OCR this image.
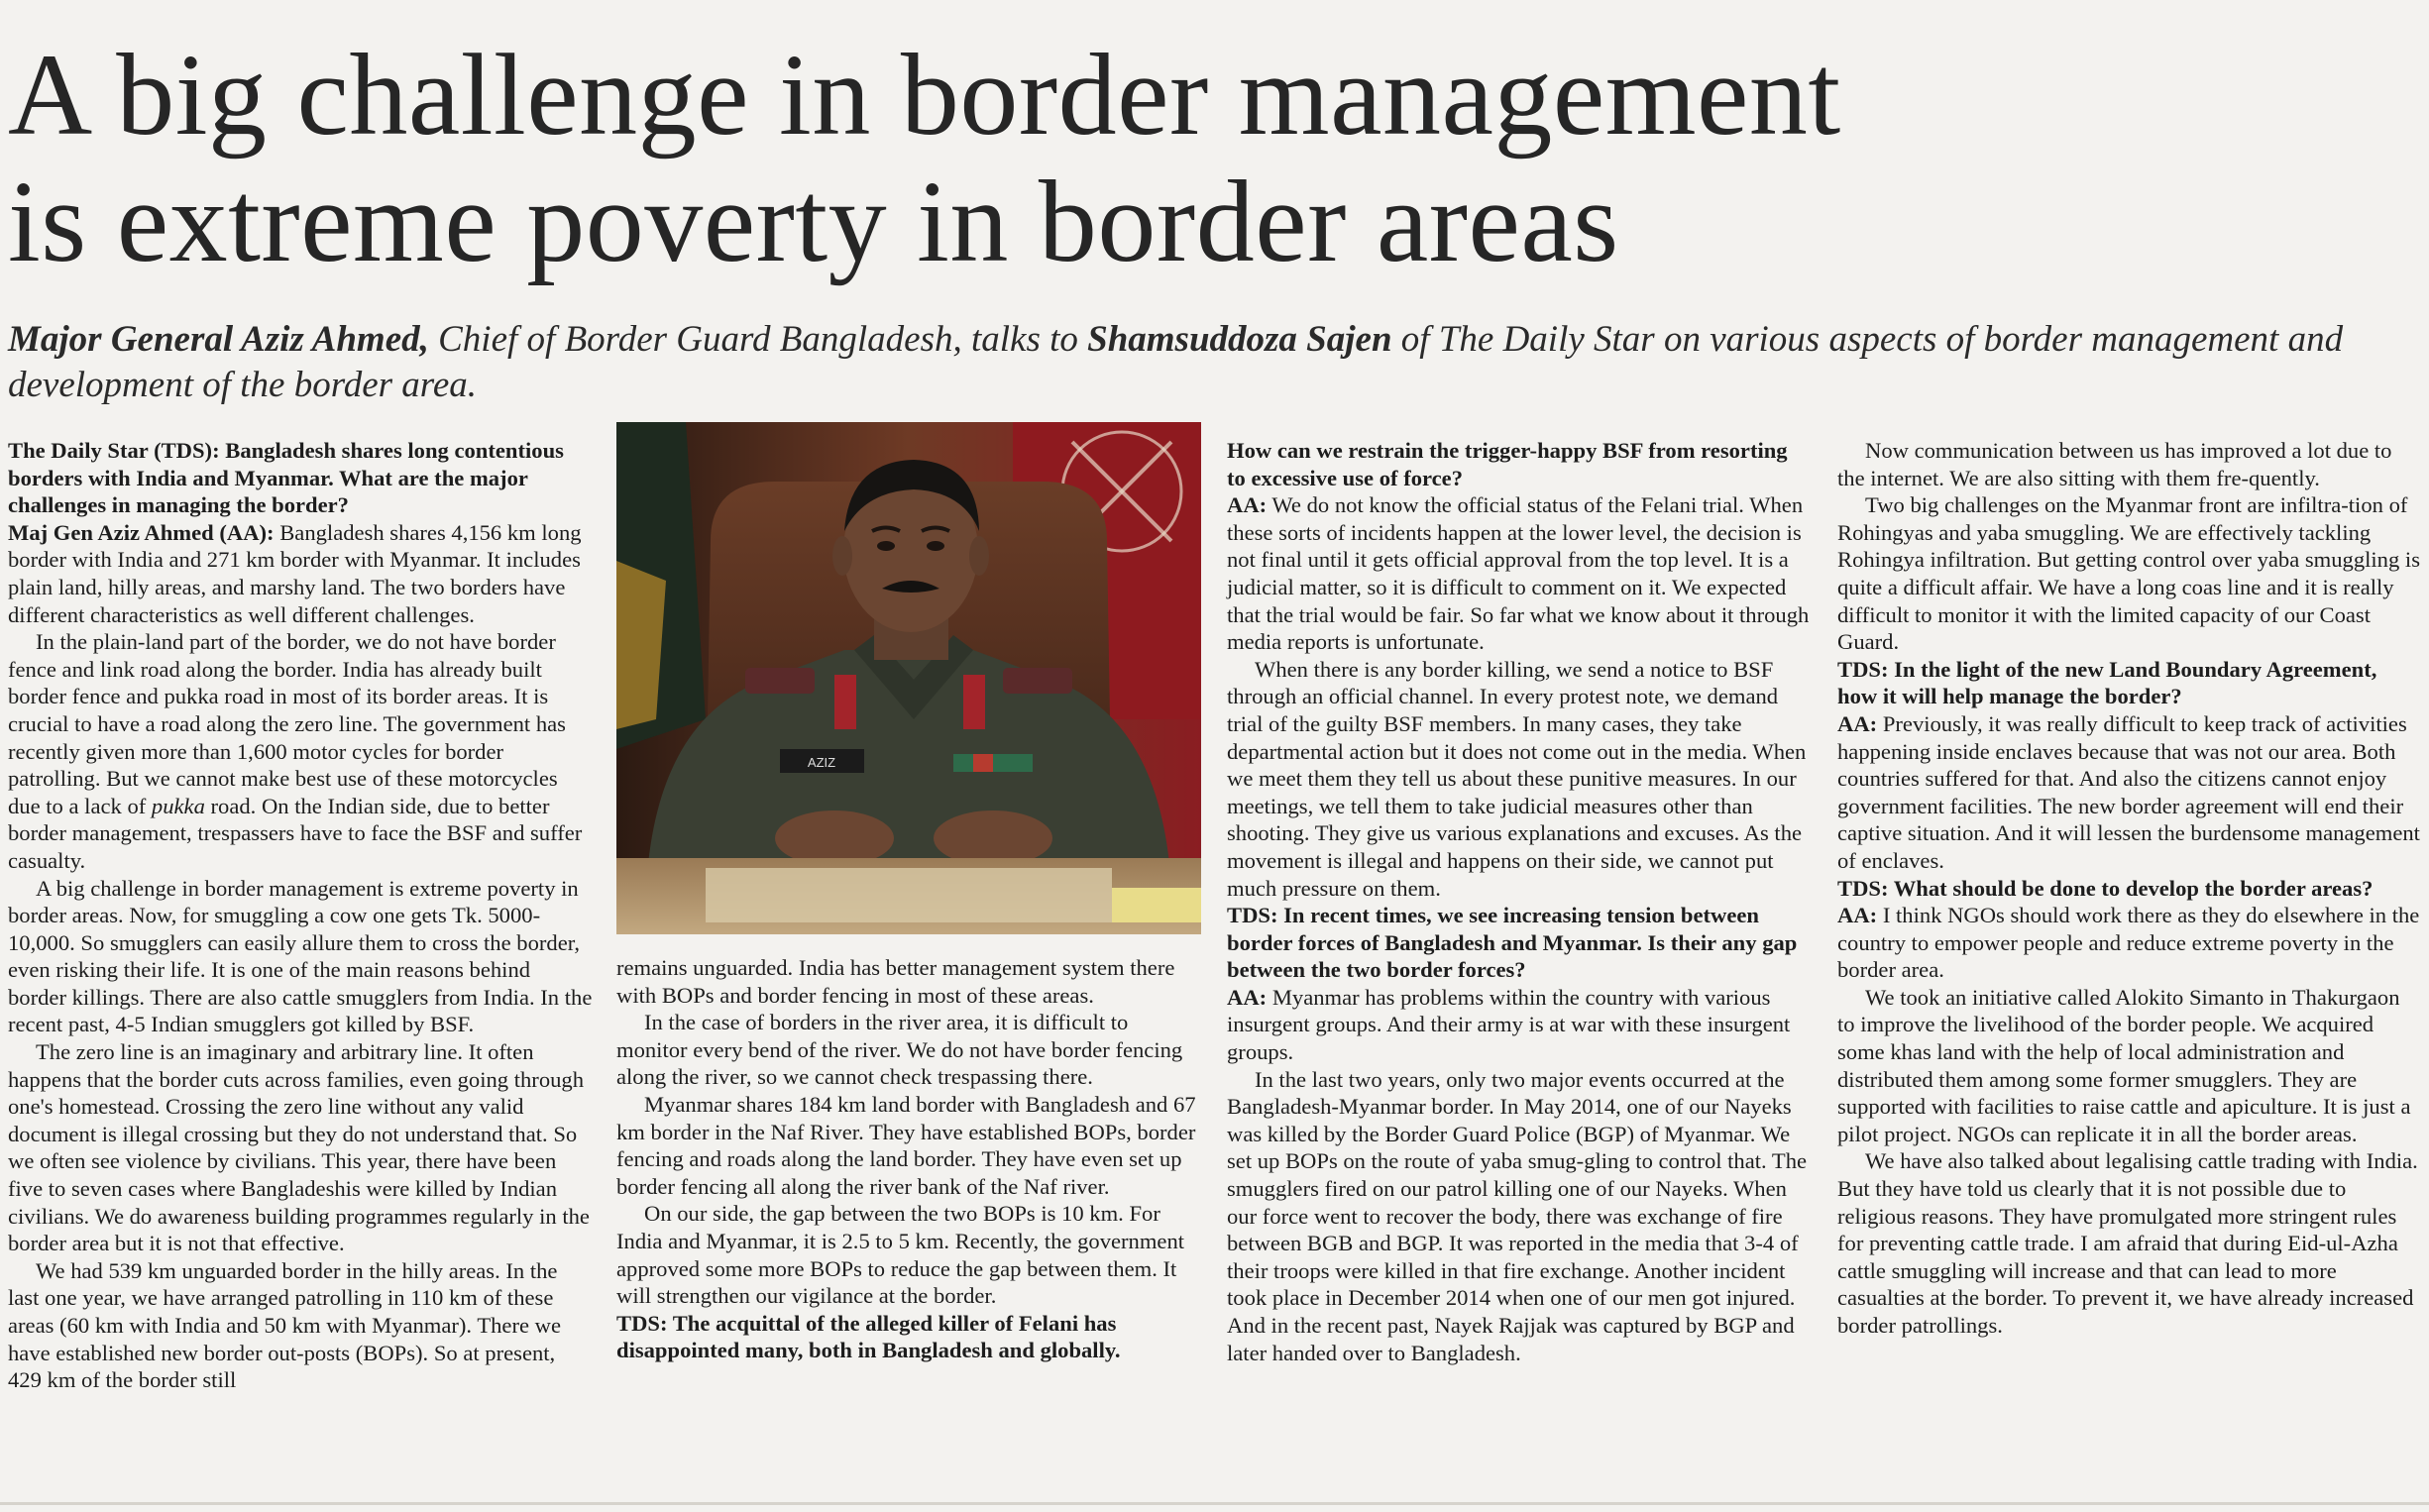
A big challenge in border management
is extreme poverty in border areas

Major General Aziz Ahmed, Chief of Border Guard Bangladesh, talks to Shamsuddoza Sajen of The Daily Star on various aspects of border management and development of the border area.

The Daily Star (TDS): Bangladesh shares long contentious borders with India and Myanmar. What are the major challenges in managing the border?

Maj Gen Aziz Ahmed (AA): Bangladesh shares 4,156 km long border with India and 271 km border with Myanmar. It includes plain land, hilly areas, and marshy land. The two borders have different characteristics as well different challenges.

In the plain-land part of the border, we do not have border fence and link road along the border. India has already built border fence and pukka road in most of its border areas. It is crucial to have a road along the zero line. The government has recently given more than 1,600 motor cycles for border patrolling. But we cannot make best use of these motorcycles due to a lack of pukka road. On the Indian side, due to better border management, trespassers have to face the BSF and suffer casualty.

A big challenge in border management is extreme poverty in border areas. Now, for smuggling a cow one gets Tk. 5000-10,000. So smugglers can easily allure them to cross the border, even risking their life. It is one of the main reasons behind border killings. There are also cattle smugglers from India. In the recent past, 4-5 Indian smugglers got killed by BSF.

The zero line is an imaginary and arbitrary line. It often happens that the border cuts across families, even going through one's homestead. Crossing the zero line without any valid document is illegal crossing but they do not understand that. So we often see violence by civilians. This year, there have been five to seven cases where Bangladeshis were killed by Indian civilians. We do awareness building programmes regularly in the border area but it is not that effective.

We had 539 km unguarded border in the hilly areas. In the last one year, we have arranged patrolling in 110 km of these areas (60 km with India and 50 km with Myanmar). There we have established new border out-posts (BOPs). So at present, 429 km of the border still

AZIZ

remains unguarded. India has better management system there with BOPs and border fencing in most of these areas.

In the case of borders in the river area, it is difficult to monitor every bend of the river. We do not have border fencing along the river, so we cannot check trespassing there.

Myanmar shares 184 km land border with Bangladesh and 67 km border in the Naf River. They have established BOPs, border fencing and roads along the land border. They have even set up border fencing all along the river bank of the Naf river.

On our side, the gap between the two BOPs is 10 km. For India and Myanmar, it is 2.5 to 5 km. Recently, the government approved some more BOPs to reduce the gap between them. It will strengthen our vigilance at the border.

TDS: The acquittal of the alleged killer of Felani has disappointed many, both in Bangladesh and globally.

How can we restrain the trigger-happy BSF from resorting to excessive use of force?

AA: We do not know the official status of the Felani trial. When these sorts of incidents happen at the lower level, the decision is not final until it gets official approval from the top level. It is a judicial matter, so it is difficult to comment on it. We expected that the trial would be fair. So far what we know about it through media reports is unfortunate.

When there is any border killing, we send a notice to BSF through an official channel. In every protest note, we demand trial of the guilty BSF members. In many cases, they take departmental action but it does not come out in the media. When we meet them they tell us about these punitive measures. In our meetings, we tell them to take judicial measures other than shooting. They give us various explanations and excuses. As the movement is illegal and happens on their side, we cannot put much pressure on them.

TDS: In recent times, we see increasing tension between border forces of Bangladesh and Myanmar. Is their any gap between the two border forces?

AA: Myanmar has problems within the country with various insurgent groups. And their army is at war with these insurgent groups.

In the last two years, only two major events occurred at the Bangladesh-Myanmar border. In May 2014, one of our Nayeks was killed by the Border Guard Police (BGP) of Myanmar. We set up BOPs on the route of yaba smug-gling to control that. The smugglers fired on our patrol killing one of our Nayeks. When our force went to recover the body, there was exchange of fire between BGB and BGP. It was reported in the media that 3-4 of their troops were killed in that fire exchange. Another incident took place in December 2014 when one of our men got injured. And in the recent past, Nayek Rajjak was captured by BGP and later handed over to Bangladesh.

Now communication between us has improved a lot due to the internet. We are also sitting with them fre-quently.

Two big challenges on the Myanmar front are infiltra-tion of Rohingyas and yaba smuggling. We are effectively tackling Rohingya infiltration. But getting control over yaba smuggling is quite a difficult affair. We have a long coas line and it is really difficult to monitor it with the limited capacity of our Coast Guard.

TDS: In the light of the new Land Boundary Agreement, how it will help manage the border?

AA: Previously, it was really difficult to keep track of activities happening inside enclaves because that was not our area. Both countries suffered for that. And also the citizens cannot enjoy government facilities. The new border agreement will end their captive situation. And it will lessen the burdensome management of enclaves.

TDS: What should be done to develop the border areas?

AA: I think NGOs should work there as they do elsewhere in the country to empower people and reduce extreme poverty in the border area.

We took an initiative called Alokito Simanto in Thakurgaon to improve the livelihood of the border people. We acquired some khas land with the help of local administration and distributed them among some former smugglers. They are supported with facilities to raise cattle and apiculture. It is just a pilot project. NGOs can replicate it in all the border areas.

We have also talked about legalising cattle trading with India. But they have told us clearly that it is not possible due to religious reasons. They have promulgated more stringent rules for preventing cattle trade. I am afraid that during Eid-ul-Azha cattle smuggling will increase and that can lead to more casualties at the border. To prevent it, we have already increased border patrollings.
